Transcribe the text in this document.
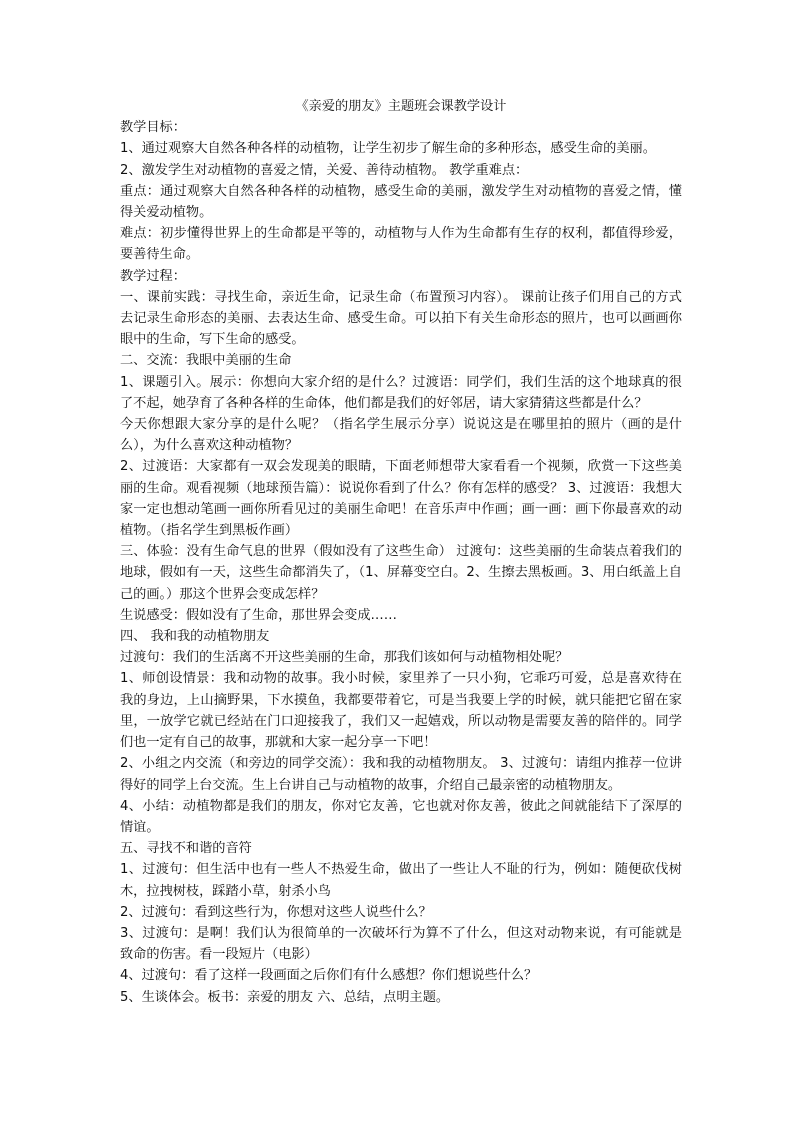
《亲爱的朋友》主题班会课教学设计

教学目标：

1、通过观察大自然各种各样的动植物，让学生初步了解生命的多种形态，感受生命的美丽。

2、激发学生对动植物的喜爱之情，关爱、善待动植物。 教学重难点：

重点：通过观察大自然各种各样的动植物，感受生命的美丽，激发学生对动植物的喜爱之情，懂得关爱动植物。

难点：初步懂得世界上的生命都是平等的，动植物与人作为生命都有生存的权利，都值得珍爱，要善待生命。

教学过程：

一、课前实践：寻找生命，亲近生命，记录生命（布置预习内容）。 课前让孩子们用自己的方式去记录生命形态的美丽、去表达生命、感受生命。可以拍下有关生命形态的照片，也可以画画你眼中的生命，写下生命的感受。

二、交流：我眼中美丽的生命

1、课题引入。展示：你想向大家介绍的是什么？过渡语：同学们，我们生活的这个地球真的很了不起，她孕育了各种各样的生命体，他们都是我们的好邻居，请大家猜猜这些都是什么？

今天你想跟大家分享的是什么呢？（指名学生展示分享）说说这是在哪里拍的照片（画的是什么），为什么喜欢这种动植物？

2、过渡语：大家都有一双会发现美的眼睛，下面老师想带大家看看一个视频，欣赏一下这些美丽的生命。观看视频（地球预告篇）：说说你看到了什么？你有怎样的感受？ 3、过渡语：我想大家一定也想动笔画一画你所看见过的美丽生命吧！在音乐声中作画；画一画：画下你最喜欢的动植物。（指名学生到黑板作画）

三、体验：没有生命气息的世界（假如没有了这些生命） 过渡句：这些美丽的生命装点着我们的地球，假如有一天，这些生命都消失了，（1、屏幕变空白。2、生擦去黑板画。3、用白纸盖上自己的画。）那这个世界会变成怎样？

生说感受：假如没有了生命，那世界会变成……

四、 我和我的动植物朋友

过渡句：我们的生活离不开这些美丽的生命，那我们该如何与动植物相处呢？

1、师创设情景：我和动物的故事。我小时候，家里养了一只小狗，它乖巧可爱，总是喜欢待在我的身边，上山摘野果，下水摸鱼，我都要带着它，可是当我要上学的时候，就只能把它留在家里，一放学它就已经站在门口迎接我了，我们又一起嬉戏，所以动物是需要友善的陪伴的。同学们也一定有自己的故事，那就和大家一起分享一下吧！

2、小组之内交流（和旁边的同学交流）：我和我的动植物朋友。 3、过渡句：请组内推荐一位讲得好的同学上台交流。生上台讲自己与动植物的故事，介绍自己最亲密的动植物朋友。

4、小结：动植物都是我们的朋友，你对它友善，它也就对你友善，彼此之间就能结下了深厚的情谊。

五、寻找不和谐的音符

1、过渡句：但生活中也有一些人不热爱生命，做出了一些让人不耻的行为，例如：随便砍伐树木，拉拽树枝，踩踏小草，射杀小鸟

2、过渡句：看到这些行为，你想对这些人说些什么？

3、过渡句：是啊！我们认为很简单的一次破坏行为算不了什么，但这对动物来说，有可能就是致命的伤害。看一段短片（电影）

4、过渡句：看了这样一段画面之后你们有什么感想？你们想说些什么？

5、生谈体会。板书：亲爱的朋友 六、总结，点明主题。
